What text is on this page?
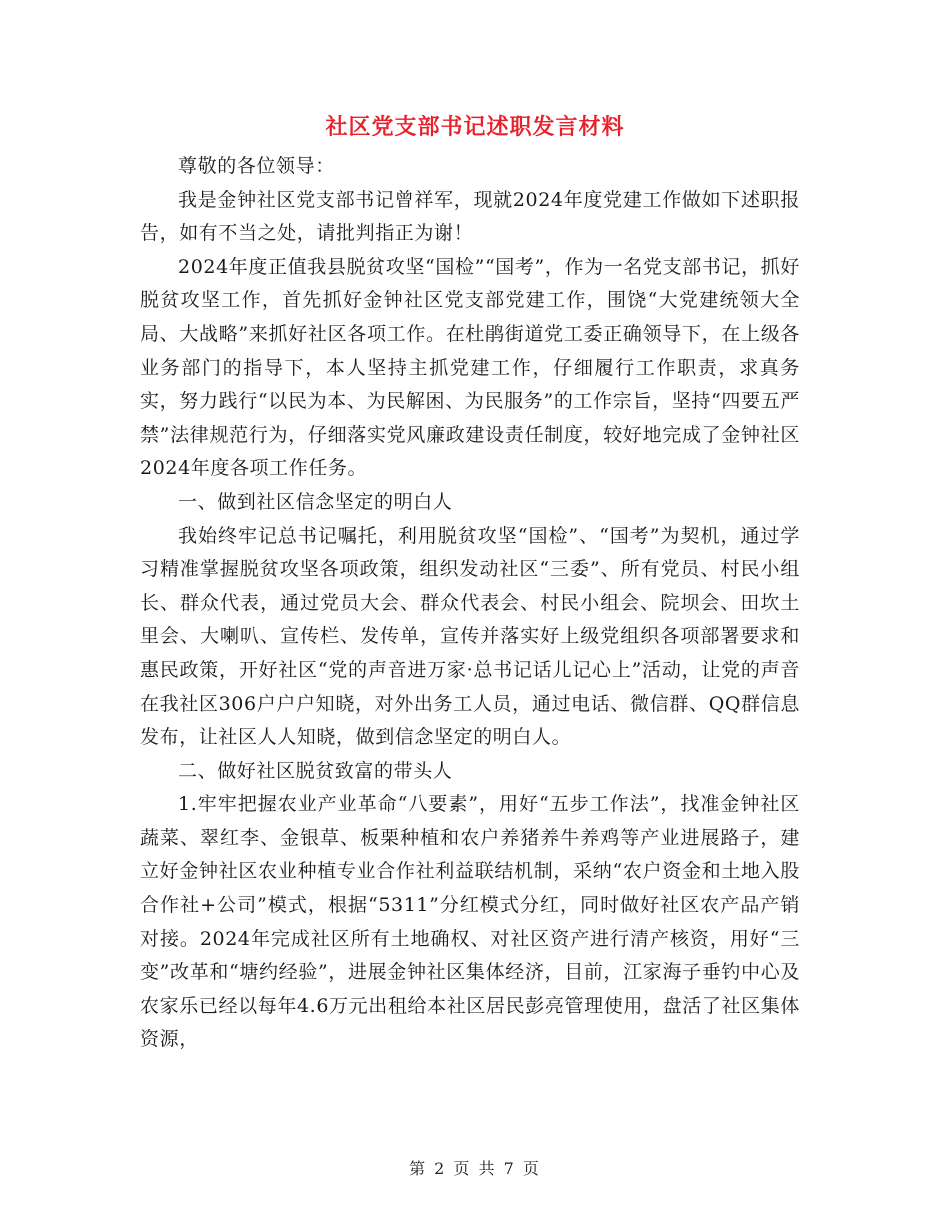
社区党支部书记述职发言材料

尊敬的各位领导：

我是金钟社区党支部书记曾祥军，现就2024年度党建工作做如下述职报告，如有不当之处，请批判指正为谢！

2024年度正值我县脱贫攻坚“国检”“国考”，作为一名党支部书记，抓好脱贫攻坚工作，首先抓好金钟社区党支部党建工作，围饶“大党建统领大全局、大战略”来抓好社区各项工作。在杜鹃街道党工委正确领导下，在上级各业务部门的指导下，本人坚持主抓党建工作，仔细履行工作职责，求真务实，努力践行“以民为本、为民解困、为民服务”的工作宗旨，坚持“四要五严禁”法律规范行为，仔细落实党风廉政建设责任制度，较好地完成了金钟社区2024年度各项工作任务。

一、做到社区信念坚定的明白人

我始终牢记总书记嘱托，利用脱贫攻坚“国检”、“国考”为契机，通过学习精准掌握脱贫攻坚各项政策，组织发动社区“三委”、所有党员、村民小组长、群众代表，通过党员大会、群众代表会、村民小组会、院坝会、田坎土里会、大喇叭、宣传栏、发传单，宣传并落实好上级党组织各项部署要求和惠民政策，开好社区“党的声音进万家·总书记话儿记心上”活动，让党的声音在我社区306户户户知晓，对外出务工人员，通过电话、微信群、QQ群信息发布，让社区人人知晓，做到信念坚定的明白人。

二、做好社区脱贫致富的带头人

1.牢牢把握农业产业革命“八要素”，用好“五步工作法”，找准金钟社区蔬菜、翠红李、金银草、板栗种植和农户养猪养牛养鸡等产业进展路子，建立好金钟社区农业种植专业合作社利益联结机制，采纳“农户资金和土地入股合作社+公司”模式，根据“5311”分红模式分红，同时做好社区农产品产销对接。2024年完成社区所有土地确权、对社区资产进行清产核资，用好“三变”改革和“塘约经验”，进展金钟社区集体经济，目前，江家海子垂钓中心及农家乐已经以每年4.6万元出租给本社区居民彭亮管理使用，盘活了社区集体资源，

第 2 页 共 7 页
